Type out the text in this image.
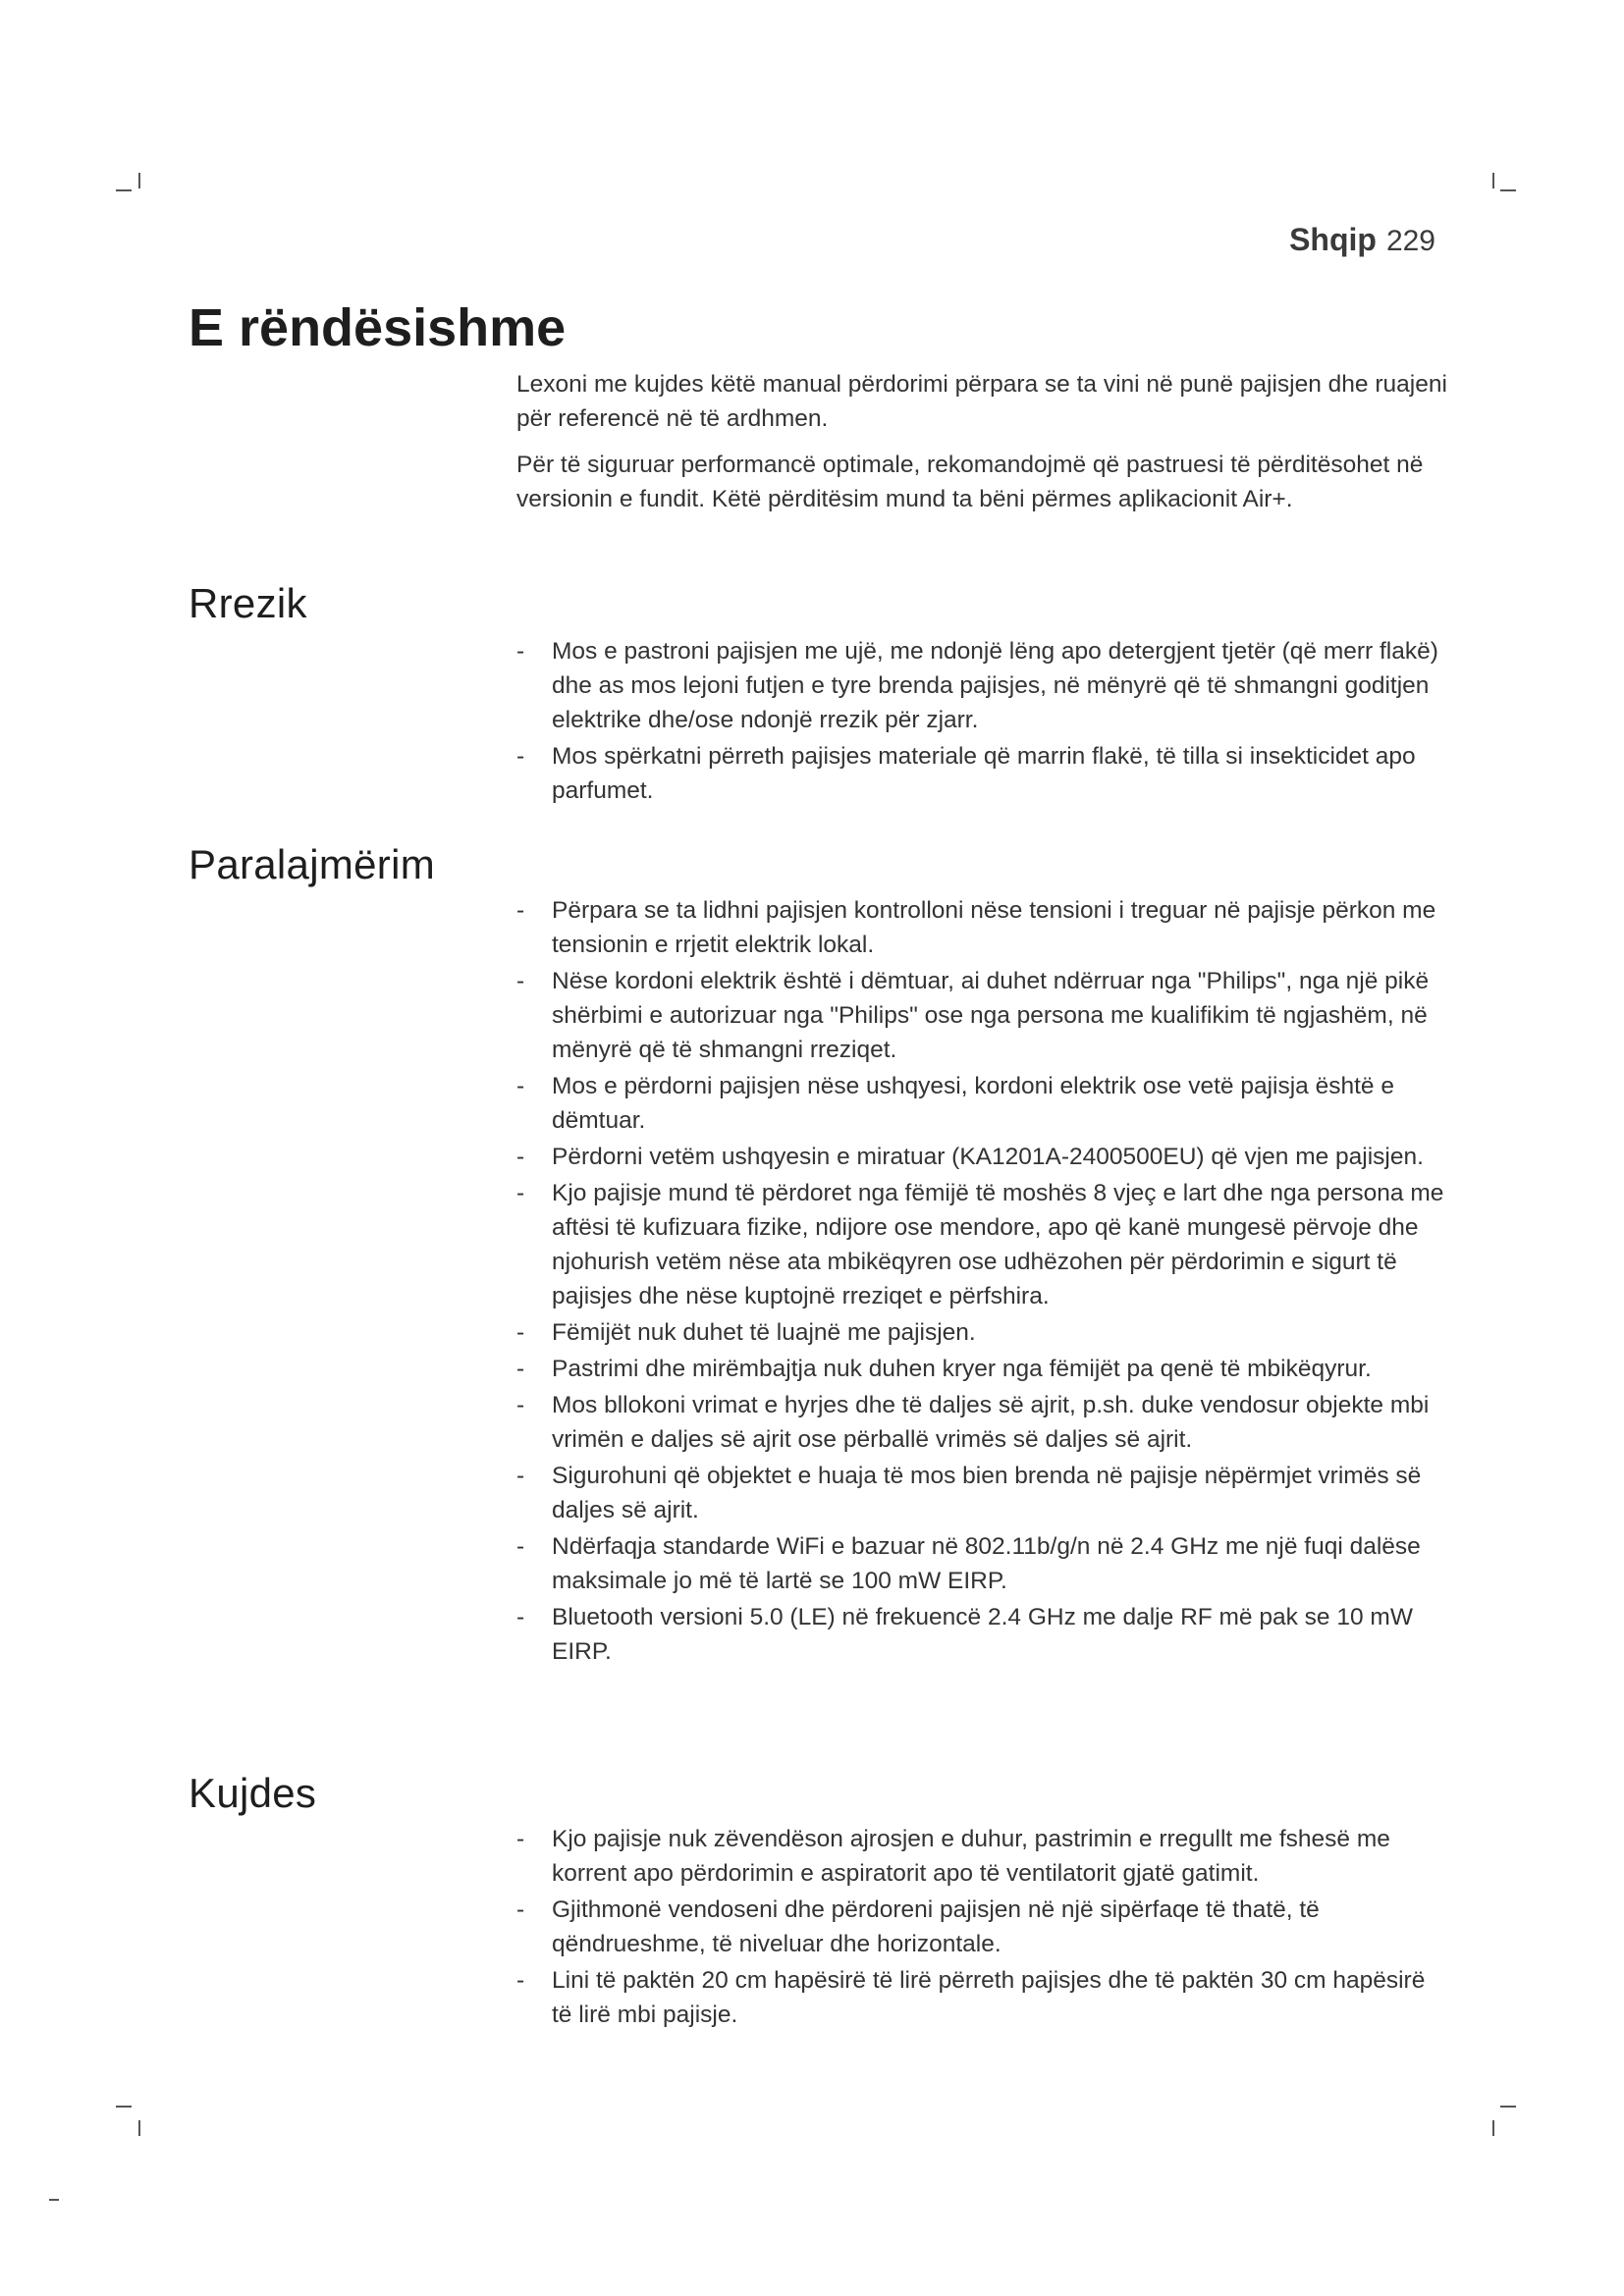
Shqip 229
E rëndësishme

Lexoni me kujdes këtë manual përdorimi përpara se ta vini në punë pajisjen dhe ruajeni për referencë në të ardhmen.

Për të siguruar performancë optimale, rekomandojmë që pastruesi të përditësohet në versionin e fundit. Këtë përditësim mund ta bëni përmes aplikacionit Air+.

Rrezik
- Mos e pastroni pajisjen me ujë, me ndonjë lëng apo detergjent tjetër (që merr flakë) dhe as mos lejoni futjen e tyre brenda pajisjes, në mënyrë që të shmangni goditjen elektrike dhe/ose ndonjë rrezik për zjarr.
- Mos spërkatni përreth pajisjes materiale që marrin flakë, të tilla si insekticidet apo parfumet.
Paralajmërim
- Përpara se ta lidhni pajisjen kontrolloni nëse tensioni i treguar në pajisje përkon me tensionin e rrjetit elektrik lokal.
- Nëse kordoni elektrik është i dëmtuar, ai duhet ndërruar nga "Philips", nga një pikë shërbimi e autorizuar nga "Philips" ose nga persona me kualifikim të ngjashëm, në mënyrë që të shmangni rreziqet.
- Mos e përdorni pajisjen nëse ushqyesi, kordoni elektrik ose vetë pajisja është e dëmtuar.
- Përdorni vetëm ushqyesin e miratuar (KA1201A-2400500EU) që vjen me pajisjen.
- Kjo pajisje mund të përdoret nga fëmijë të moshës 8 vjeç e lart dhe nga persona me aftësi të kufizuara fizike, ndijore ose mendore, apo që kanë mungesë përvoje dhe njohurish vetëm nëse ata mbikëqyren ose udhëzohen për përdorimin e sigurt të pajisjes dhe nëse kuptojnë rreziqet e përfshira.
- Fëmijët nuk duhet të luajnë me pajisjen.
- Pastrimi dhe mirëmbajtja nuk duhen kryer nga fëmijët pa qenë të mbikëqyrur.
- Mos bllokoni vrimat e hyrjes dhe të daljes së ajrit, p.sh. duke vendosur objekte mbi vrimën e daljes së ajrit ose përballë vrimës së daljes së ajrit.
- Sigurohuni që objektet e huaja të mos bien brenda në pajisje nëpërmjet vrimës së daljes së ajrit.
- Ndërfaqja standarde WiFi e bazuar në 802.11b/g/n në 2.4 GHz me një fuqi dalëse maksimale jo më të lartë se 100 mW EIRP.
- Bluetooth versioni 5.0 (LE) në frekuencë 2.4 GHz me dalje RF më pak se 10 mW EIRP.
Kujdes
- Kjo pajisje nuk zëvendëson ajrosjen e duhur, pastrimin e rregullt me fshesë me korrent apo përdorimin e aspiratorit apo të ventilatorit gjatë gatimit.
- Gjithmonë vendoseni dhe përdoreni pajisjen në një sipërfaqe të thatë, të qëndrueshme, të niveluar dhe horizontale.
- Lini të paktën 20 cm hapësirë të lirë përreth pajisjes dhe të paktën 30 cm hapësirë të lirë mbi pajisje.
